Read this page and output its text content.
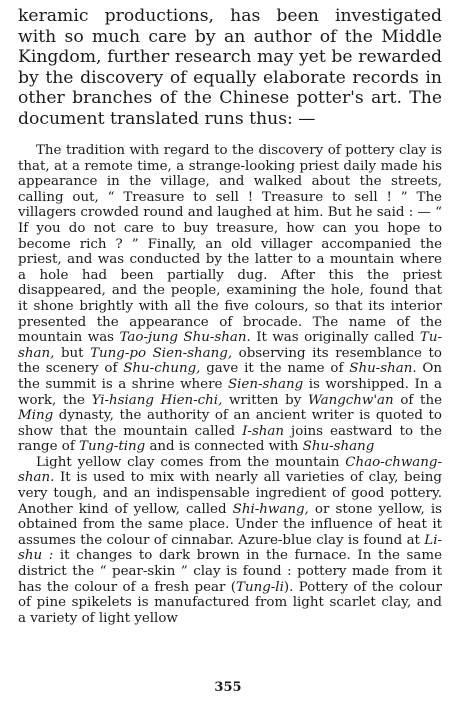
keramic productions, has been investigated with so much care by an author of the Middle Kingdom, further research may yet be rewarded by the discovery of equally elaborate records in other branches of the Chinese potter's art. The document translated runs thus: —

The tradition with regard to the discovery of pottery clay is that, at a remote time, a strange-looking priest daily made his appearance in the village, and walked about the streets, calling out, “ Treasure to sell ! Treasure to sell ! ” The villagers crowded round and laughed at him. But he said : — “ If you do not care to buy treasure, how can you hope to become rich ? ” Finally, an old villager accompanied the priest, and was conducted by the latter to a mountain where a hole had been partially dug. After this the priest disappeared, and the people, examining the hole, found that it shone brightly with all the five colours, so that its interior presented the appearance of brocade. The name of the mountain was Tao-jung Shu-shan. It was originally called Tu-shan, but Tung-po Sien-shang, observing its resemblance to the scenery of Shu-chung, gave it the name of Shu-shan. On the summit is a shrine where Sien-shang is worshipped. In a work, the Yi-hsiang Hien-chi, written by Wangchw'an of the Ming dynasty, the authority of an ancient writer is quoted to show that the mountain called I-shan joins eastward to the range of Tung-ting and is connected with Shu-shang

Light yellow clay comes from the mountain Chao-chwang-shan. It is used to mix with nearly all varieties of clay, being very tough, and an indispensable ingredient of good pottery. Another kind of yellow, called Shi-hwang, or stone yellow, is obtained from the same place. Under the influence of heat it assumes the colour of cinnabar. Azure-blue clay is found at Li-shu : it changes to dark brown in the furnace. In the same district the “ pear-skin ” clay is found : pottery made from it has the colour of a fresh pear (Tung-li). Pottery of the colour of pine spikelets is manufactured from light scarlet clay, and a variety of light yellow

355
